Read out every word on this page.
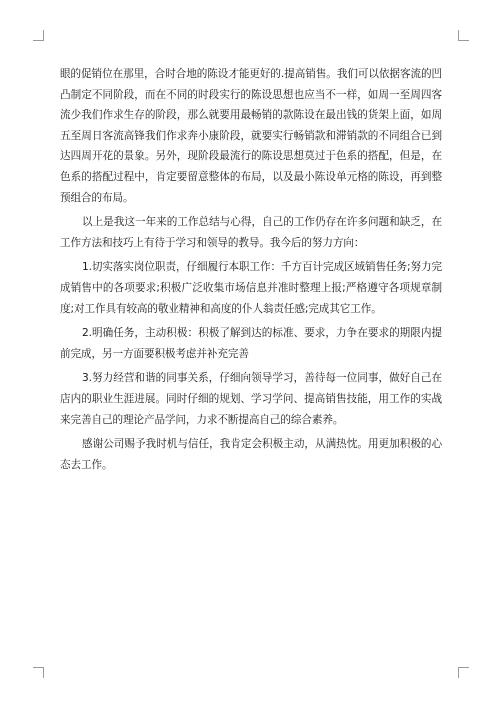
眼的促销位在那里，合时合地的陈设才能更好的.提高销售。我们可以依据客流的凹凸制定不同阶段，而在不同的时段实行的陈设思想也应当不一样，如周一至周四客流少我们作求生存的阶段，那么就要用最畅销的款陈设在最出钱的货架上面，如周五至周日客流高锋我们作求奔小康阶段，就要实行畅销款和滞销款的不同组合已到达四周开花的景象。另外，现阶段最流行的陈设思想莫过于色系的搭配，但是，在色系的搭配过程中，肯定要留意整体的布局，以及最小陈设单元格的陈设，再到整预组合的布局。

以上是我这一年来的工作总结与心得，自己的工作仍存在许多问题和缺乏，在工作方法和技巧上有待于学习和领导的教导。我今后的努力方向：

1.切实落实岗位职责，仔细履行本职工作：千方百计完成区域销售任务;努力完成销售中的各项要求;积极广泛收集市场信息并准时整理上报;严格遵守各项规章制度;对工作具有较高的敬业精神和高度的仆人翁责任感;完成其它工作。

2.明确任务，主动积极：积极了解到达的标准、要求，力争在要求的期限内提前完成，另一方面要积极考虑并补充完善

3.努力经营和谐的同事关系，仔细向领导学习，善待每一位同事，做好自己在店内的职业生涯进展。同时仔细的规划、学习学问、提高销售技能，用工作的实战来完善自己的理论产品学问，力求不断提高自己的综合素养。

感谢公司赐予我时机与信任，我肯定会积极主动，从满热忱。用更加积极的心态去工作。
